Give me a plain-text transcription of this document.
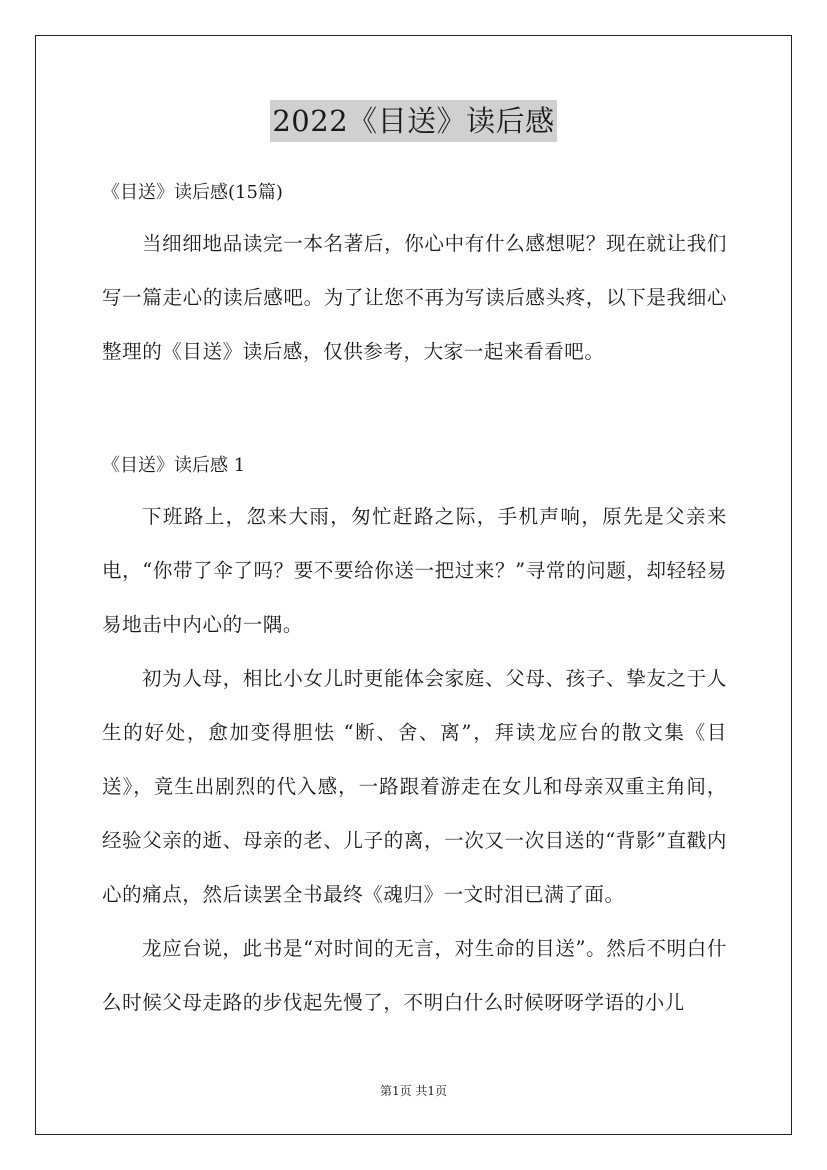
2022《目送》读后感
《目送》读后感(15篇)

当细细地品读完一本名著后，你心中有什么感想呢？现在就让我们写一篇走心的读后感吧。为了让您不再为写读后感头疼，以下是我细心整理的《目送》读后感，仅供参考，大家一起来看看吧。

《目送》读后感 1

下班路上，忽来大雨，匆忙赶路之际，手机声响，原先是父亲来电，“你带了伞了吗？要不要给你送一把过来？”寻常的问题，却轻轻易易地击中内心的一隅。

初为人母，相比小女儿时更能体会家庭、父母、孩子、挚友之于人生的好处，愈加变得胆怯 “断、舍、离”，拜读龙应台的散文集《目送》，竟生出剧烈的代入感，一路跟着游走在女儿和母亲双重主角间，经验父亲的逝、母亲的老、儿子的离，一次又一次目送的“背影”直戳内心的痛点，然后读罢全书最终《魂归》一文时泪已满了面。

龙应台说，此书是“对时间的无言，对生命的目送”。然后不明白什么时候父母走路的步伐起先慢了，不明白什么时候呀呀学语的小儿

第1页 共1页
